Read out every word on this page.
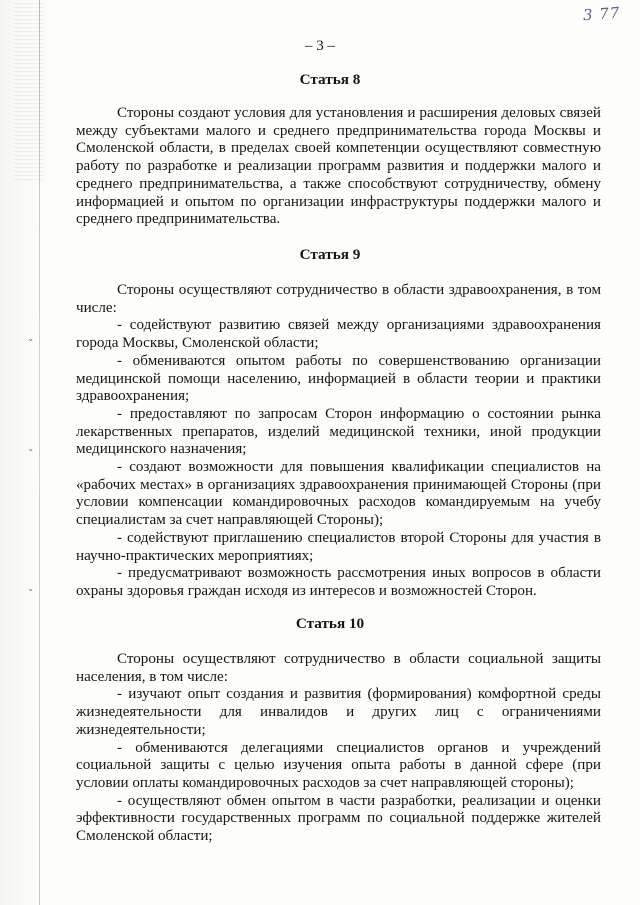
ˇ
ˇ
ˇ
3 77
– 3 –
Статья 8

Стороны создают условия для установления и расширения деловых связей между субъектами малого и среднего предпринимательства города Москвы и Смоленской области, в пределах своей компетенции осуществляют совместную работу по разработке и реализации программ развития и поддержки малого и среднего предпринимательства, а также способствуют сотрудничеству, обмену информацией и опытом по организации инфраструктуры поддержки малого и среднего предпринимательства.

Статья 9

Стороны осуществляют сотрудничество в области здравоохранения, в том числе:

- содействуют развитию связей между организациями здравоохранения города Москвы, Смоленской области;

- обмениваются опытом работы по совершенствованию организации медицинской помощи населению, информацией в области теории и практики здравоохранения;

- предоставляют по запросам Сторон информацию о состоянии рынка лекарственных препаратов, изделий медицинской техники, иной продукции медицинского назначения;

- создают возможности для повышения квалификации специалистов на «рабочих местах» в организациях здравоохранения принимающей Стороны (при условии компенсации командировочных расходов командируемым на учебу специалистам за счет направляющей Стороны);

- содействуют приглашению специалистов второй Стороны для участия в научно-практических мероприятиях;

- предусматривают возможность рассмотрения иных вопросов в области охраны здоровья граждан исходя из интересов и возможностей Сторон.

Статья 10

Стороны осуществляют сотрудничество в области социальной защиты населения, в том числе:

- изучают опыт создания и развития (формирования) комфортной среды жизнедеятельности для инвалидов и других лиц с ограничениями жизнедеятельности;

- обмениваются делегациями специалистов органов и учреждений социальной защиты с целью изучения опыта работы в данной сфере (при условии оплаты командировочных расходов за счет направляющей стороны);

- осуществляют обмен опытом в части разработки, реализации и оценки эффективности государственных программ по социальной поддержке жителей Смоленской области;
